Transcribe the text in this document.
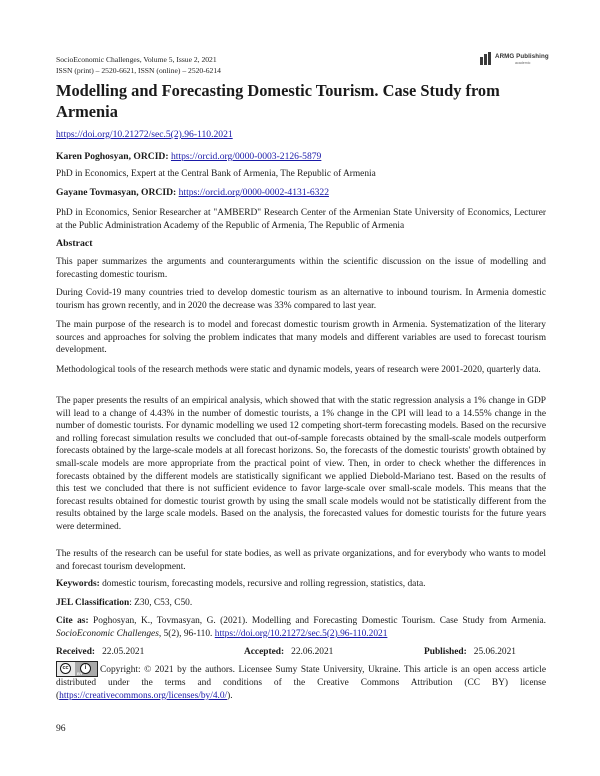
SocioEconomic Challenges, Volume 5, Issue 2, 2021
ISSN (print) – 2520-6621, ISSN (online) – 2520-6214
ARMG Publishing
academic
Modelling and Forecasting Domestic Tourism. Case Study from Armenia
https://doi.org/10.21272/sec.5(2).96-110.2021
Karen Poghosyan, ORCID: https://orcid.org/0000-0003-2126-5879
PhD in Economics, Expert at the Central Bank of Armenia, The Republic of Armenia
Gayane Tovmasyan, ORCID: https://orcid.org/0000-0002-4131-6322
PhD in Economics, Senior Researcher at "AMBERD" Research Center of the Armenian State University of Economics, Lecturer at the Public Administration Academy of the Republic of Armenia, The Republic of Armenia
Abstract
This paper summarizes the arguments and counterarguments within the scientific discussion on the issue of modelling and forecasting domestic tourism.
During Covid-19 many countries tried to develop domestic tourism as an alternative to inbound tourism. In Armenia domestic tourism has grown recently, and in 2020 the decrease was 33% compared to last year.
The main purpose of the research is to model and forecast domestic tourism growth in Armenia. Systematization of the literary sources and approaches for solving the problem indicates that many models and different variables are used to forecast tourism development.
Methodological tools of the research methods were static and dynamic models, years of research were 2001-2020, quarterly data.
The paper presents the results of an empirical analysis, which showed that with the static regression analysis a 1% change in GDP will lead to a change of 4.43% in the number of domestic tourists, a 1% change in the CPI will lead to a 14.55% change in the number of domestic tourists. For dynamic modelling we used 12 competing short-term forecasting models. Based on the recursive and rolling forecast simulation results we concluded that out-of-sample forecasts obtained by the small-scale models outperform forecasts obtained by the large-scale models at all forecast horizons. So, the forecasts of the domestic tourists' growth obtained by small-scale models are more appropriate from the practical point of view. Then, in order to check whether the differences in forecasts obtained by the different models are statistically significant we applied Diebold-Mariano test. Based on the results of this test we concluded that there is not sufficient evidence to favor large-scale over small-scale models. This means that the forecast results obtained for domestic tourist growth by using the small scale models would not be statistically different from the results obtained by the large scale models. Based on the analysis, the forecasted values for domestic tourists for the future years were determined.
The results of the research can be useful for state bodies, as well as private organizations, and for everybody who wants to model and forecast tourism development.
Keywords: domestic tourism, forecasting models, recursive and rolling regression, statistics, data.
JEL Classification: Z30, C53, C50.
Cite as: Poghosyan, K., Tovmasyan, G. (2021). Modelling and Forecasting Domestic Tourism. Case Study from Armenia. SocioEconomic Challenges, 5(2), 96-110. https://doi.org/10.21272/sec.5(2).96-110.2021
Received: 22.05.2021	Accepted: 22.06.2021	Published: 25.06.2021
Copyright: © 2021 by the authors. Licensee Sumy State University, Ukraine. This article is an open access article distributed under the terms and conditions of the Creative Commons Attribution (CC BY) license (https://creativecommons.org/licenses/by/4.0/).
cc	i
BY
96
